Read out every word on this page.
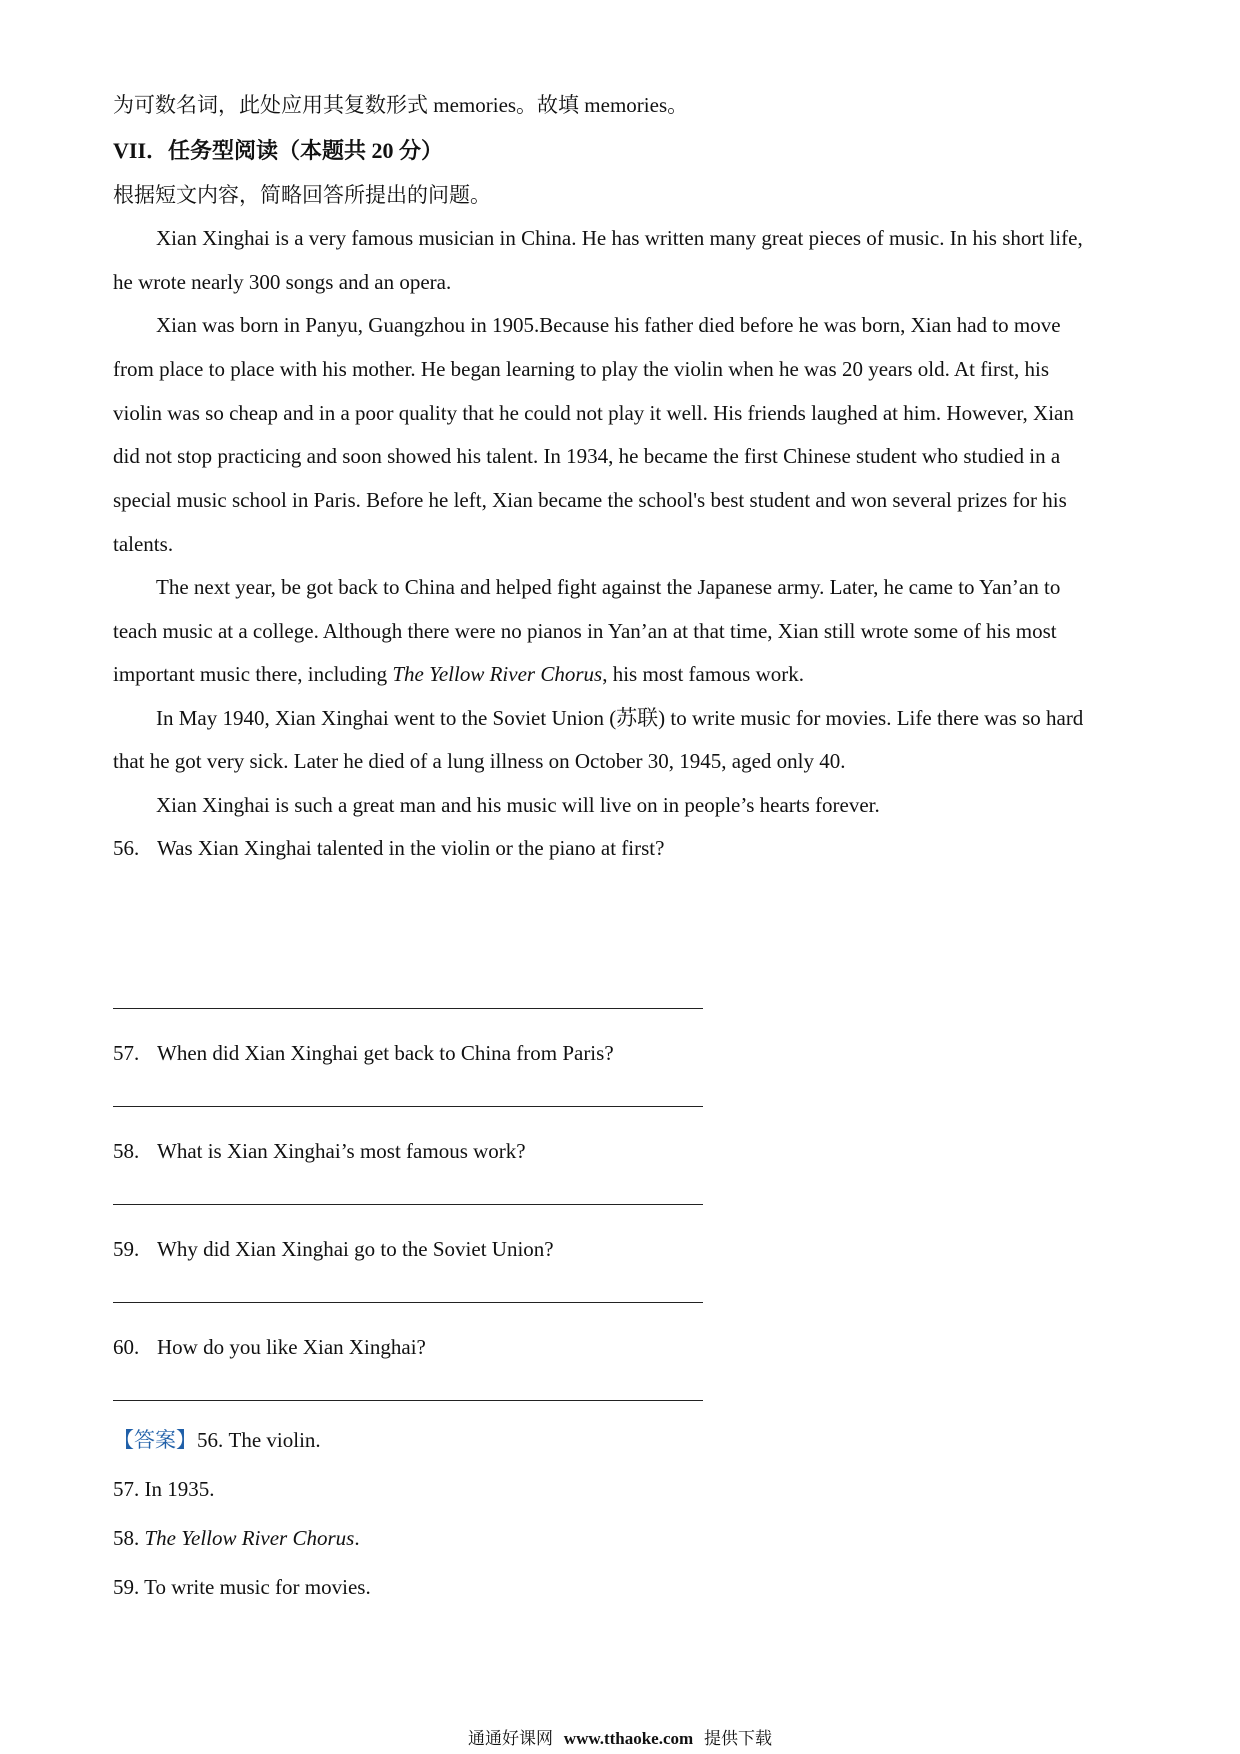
为可数名词，此处应用其复数形式 memories。故填 memories。
VII．任务型阅读（本题共 20 分）
根据短文内容，简略回答所提出的问题。
Xian Xinghai is a very famous musician in China. He has written many great pieces of music. In his short life,
he wrote nearly 300 songs and an opera.
Xian was born in Panyu, Guangzhou in 1905.Because his father died before he was born, Xian had to move
from place to place with his mother. He began learning to play the violin when he was 20 years old. At first, his
violin was so cheap and in a poor quality that he could not play it well. His friends laughed at him. However, Xian
did not stop practicing and soon showed his talent. In 1934, he became the first Chinese student who studied in a
special music school in Paris. Before he left, Xian became the school's best student and won several prizes for his
talents.
The next year, be got back to China and helped fight against the Japanese army. Later, he came to Yan’an to
teach music at a college. Although there were no pianos in Yan’an at that time, Xian still wrote some of his most
important music there, including The Yellow River Chorus, his most famous work.
In May 1940, Xian Xinghai went to the Soviet Union (苏联) to write music for movies. Life there was so hard
that he got very sick. Later he died of a lung illness on October 30, 1945, aged only 40.
Xian Xinghai is such a great man and his music will live on in people’s hearts forever.
56. Was Xian Xinghai talented in the violin or the piano at first?
57. When did Xian Xinghai get back to China from Paris?
58. What is Xian Xinghai’s most famous work?
59. Why did Xian Xinghai go to the Soviet Union?
60. How do you like Xian Xinghai?
【答案】56. The violin.
57. In 1935.
58. The Yellow River Chorus.
59. To write music for movies.
通通好课网 www.tthaoke.com 提供下载
